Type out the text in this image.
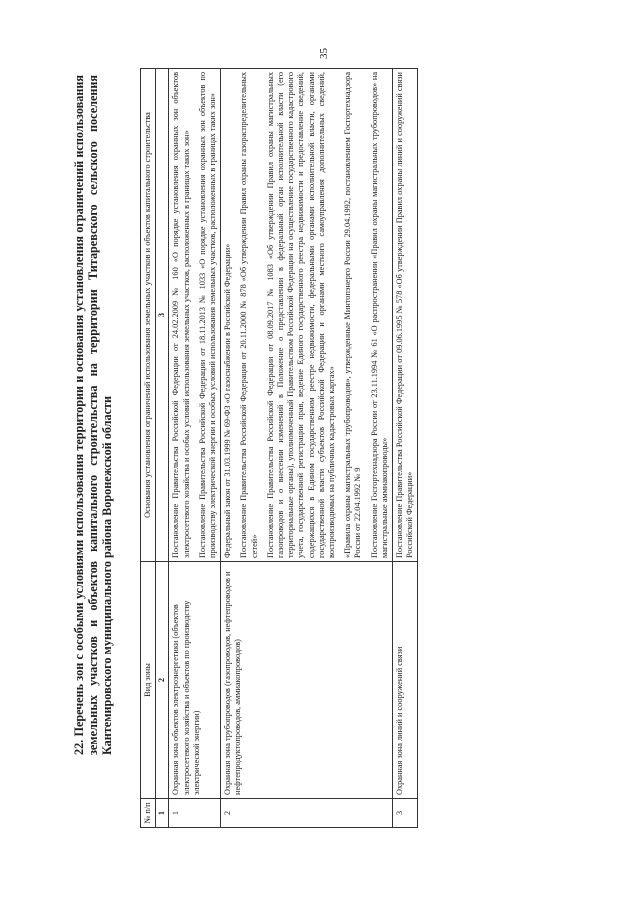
35
22. Перечень зон с особыми условиями использования территории и основания установления ограничений использования земельных участков и объектов капитального строительства на территории Титаревского сельского поселения Кантемировского муниципального района Воронежской области
№ п/п	Вид зоны	Основания установления ограничений использования земельных участков и объектов капитального строительства
1	2	3
1	Охранная зона объектов электроэнергетики (объектов электросетевого хозяйства и объектов по производству электрической энергии)	Постановление Правительства Российской Федерации от 24.02.2009 № 160 «О порядке установления охранных зон объектов электросетевого хозяйства и особых условий использования земельных участков, расположенных в границах таких зон» Постановление Правительства Российской Федерации от 18.11.2013 № 1033 «О порядке установления охранных зон объектов по производству электрической энергии и особых условий использования земельных участков, расположенных в границах таких зон»

2	Охранная зона трубопроводов (газопроводов, нефтепроводов и нефтепродуктопроводов, аммиакопроводов)	Федеральный закон от 31.03.1999 № 69-ФЗ «О газоснабжении в Российской Федерации» Постановление Правительства Российской Федерации от 20.11.2000 № 878 «Об утверждении Правил охраны газораспределительных сетей» Постановление Правительства Российской Федерации от 08.09.2017 № 1083 «Об утверждении Правил охраны магистральных газопроводов и о внесении изменений в Положение о представлении в федеральный орган исполнительной власти (его территориальные органы), уполномоченный Правительством Российской Федерации на осуществление государственного кадастрового учета, государственной регистрации прав, ведение Единого государственного реестра недвижимости и предоставление сведений, содержащихся в Едином государственном реестре недвижимости, федеральными органами исполнительной власти, органами государственной власти субъектов Российской Федерации и органами местного самоуправления дополнительных сведений, воспроизводимых на публичных кадастровых картах» «Правила охраны магистральных трубопроводов», утвержденные Минтопэнерго России 29.04.1992, постановлением Госгортехнадзора России от 22.04.1992 № 9 Постановление Госгортехнадзора России от 23.11.1994 № 61 «О распространении «Правил охраны магистральных трубопроводов» на магистральные аммиакопроводы»

3	Охранная зона линий и сооружений связи	Постановление Правительства Российской Федерации от 09.06.1995 № 578 «Об утверждении Правил охраны линий и сооружений связи Российской Федерации»
